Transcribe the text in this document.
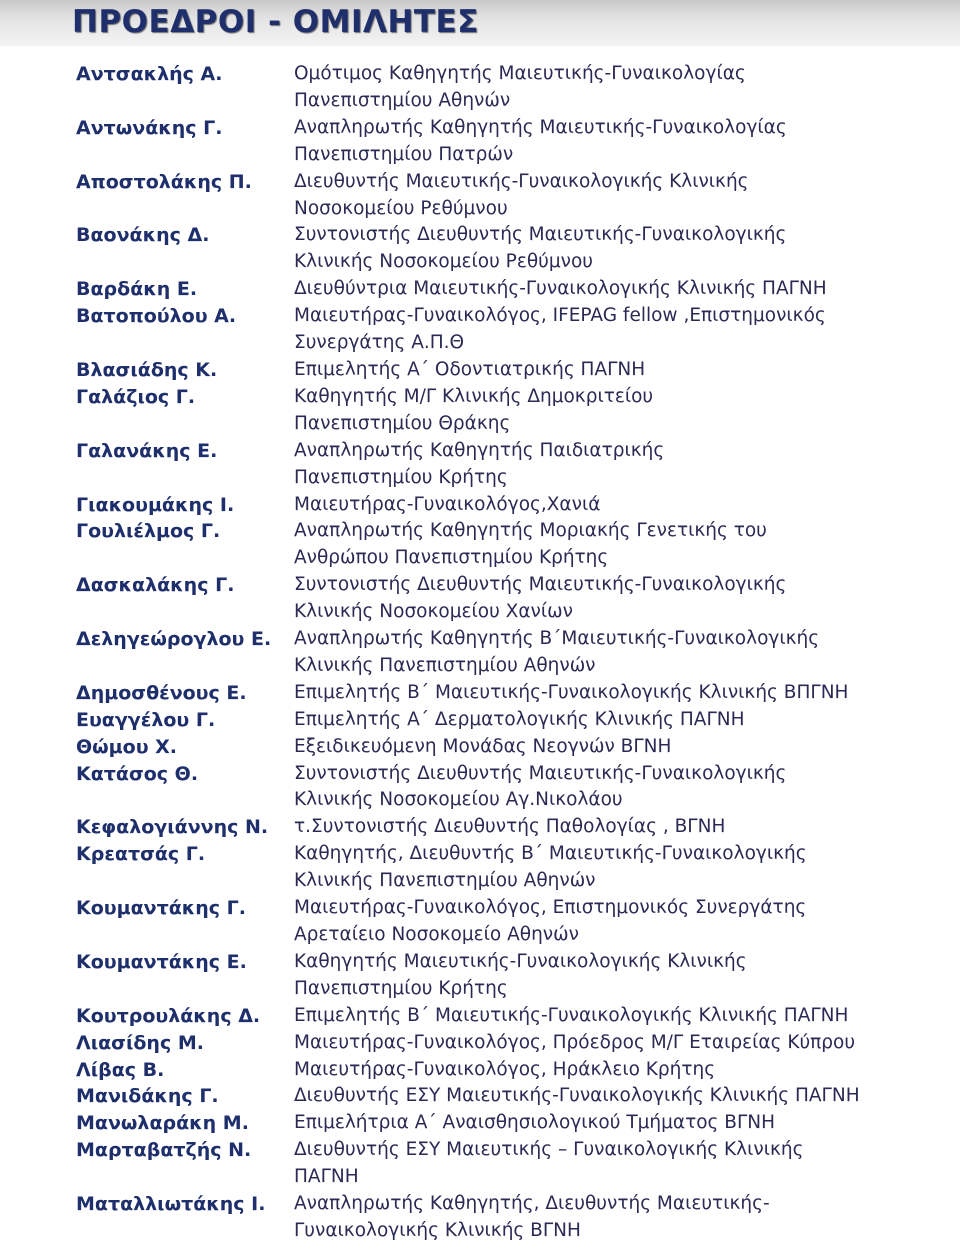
ΠΡΟΕΔΡΟΙ - ΟΜΙΛΗΤΕΣ
Αντσακλής Α.	Ομότιμος Καθηγητής Μαιευτικής-Γυναικολογίας
Πανεπιστημίου Αθηνών
Αντωνάκης Γ.	Αναπληρωτής Καθηγητής Μαιευτικής-Γυναικολογίας
Πανεπιστημίου Πατρών
Αποστολάκης Π.	Διευθυντής Μαιευτικής-Γυναικολογικής Κλινικής
Νοσοκομείου Ρεθύμνου
Βαονάκης Δ.	Συντονιστής Διευθυντής Μαιευτικής-Γυναικολογικής
Κλινικής Νοσοκομείου Ρεθύμνου
Βαρδάκη Ε.	Διευθύντρια Μαιευτικής-Γυναικολογικής Κλινικής ΠΑΓΝΗ
Βατοπούλου Α.	Μαιευτήρας-Γυναικολόγος, IFEPAG fellow ,Επιστημονικός
Συνεργάτης Α.Π.Θ
Βλασιάδης Κ.	Επιμελητής Α΄ Οδοντιατρικής ΠΑΓΝΗ
Γαλάζιος Γ.	Καθηγητής Μ/Γ Κλινικής Δημοκριτείου
Πανεπιστημίου Θράκης
Γαλανάκης Ε.	Αναπληρωτής Καθηγητής Παιδιατρικής
Πανεπιστημίου Κρήτης
Γιακουμάκης Ι.	Μαιευτήρας-Γυναικολόγος,Χανιά
Γουλιέλμος Γ.	Αναπληρωτής Καθηγητής Μοριακής Γενετικής του
Ανθρώπου Πανεπιστημίου Κρήτης
Δασκαλάκης Γ.	Συντονιστής Διευθυντής Μαιευτικής-Γυναικολογικής
Κλινικής Νοσοκομείου Χανίων
Δεληγεώρογλου Ε.	Αναπληρωτής Καθηγητής Β΄Μαιευτικής-Γυναικολογικής
Κλινικής Πανεπιστημίου Αθηνών
Δημοσθένους Ε.	Επιμελητής Β΄ Μαιευτικής-Γυναικολογικής Κλινικής ΒΠΓΝΗ
Ευαγγέλου Γ.	Επιμελητής Α΄ Δερματολογικής Κλινικής ΠΑΓΝΗ
Θώμου Χ.	Εξειδικευόμενη Μονάδας Νεογνών ΒΓΝΗ
Κατάσος Θ.	Συντονιστής Διευθυντής Μαιευτικής-Γυναικολογικής
Κλινικής Νοσοκομείου Αγ.Νικολάου
Κεφαλογιάννης Ν.	τ.Συντονιστής Διευθυντής Παθολογίας , ΒΓΝΗ
Κρεατσάς Γ.	Καθηγητής, Διευθυντής Β΄ Μαιευτικής-Γυναικολογικής
Κλινικής Πανεπιστημίου Αθηνών
Κουμαντάκης Γ.	Μαιευτήρας-Γυναικολόγος, Επιστημονικός Συνεργάτης
Αρεταίειο Νοσοκομείο Αθηνών
Κουμαντάκης Ε.	Καθηγητής Μαιευτικής-Γυναικολογικής Κλινικής
Πανεπιστημίου Κρήτης
Κουτρουλάκης Δ.	Επιμελητής Β΄ Μαιευτικής-Γυναικολογικής Κλινικής ΠΑΓΝΗ
Λιασίδης Μ.	Μαιευτήρας-Γυναικολόγος, Πρόεδρος Μ/Γ Εταιρείας Κύπρου
Λίβας Β.	Μαιευτήρας-Γυναικολόγος, Ηράκλειο Κρήτης
Μανιδάκης Γ.	Διευθυντής ΕΣΥ Μαιευτικής-Γυναικολογικής Κλινικής ΠΑΓΝΗ
Μανωλαράκη Μ.	Επιμελήτρια Α΄ Αναισθησιολογικού Τμήματος ΒΓΝΗ
Μαρταβατζής Ν.	Διευθυντής ΕΣΥ Μαιευτικής – Γυναικολογικής Κλινικής
ΠΑΓΝΗ
Ματαλλιωτάκης Ι.	Αναπληρωτής Καθηγητής, Διευθυντής Μαιευτικής-
Γυναικολογικής Κλινικής ΒΓΝΗ
